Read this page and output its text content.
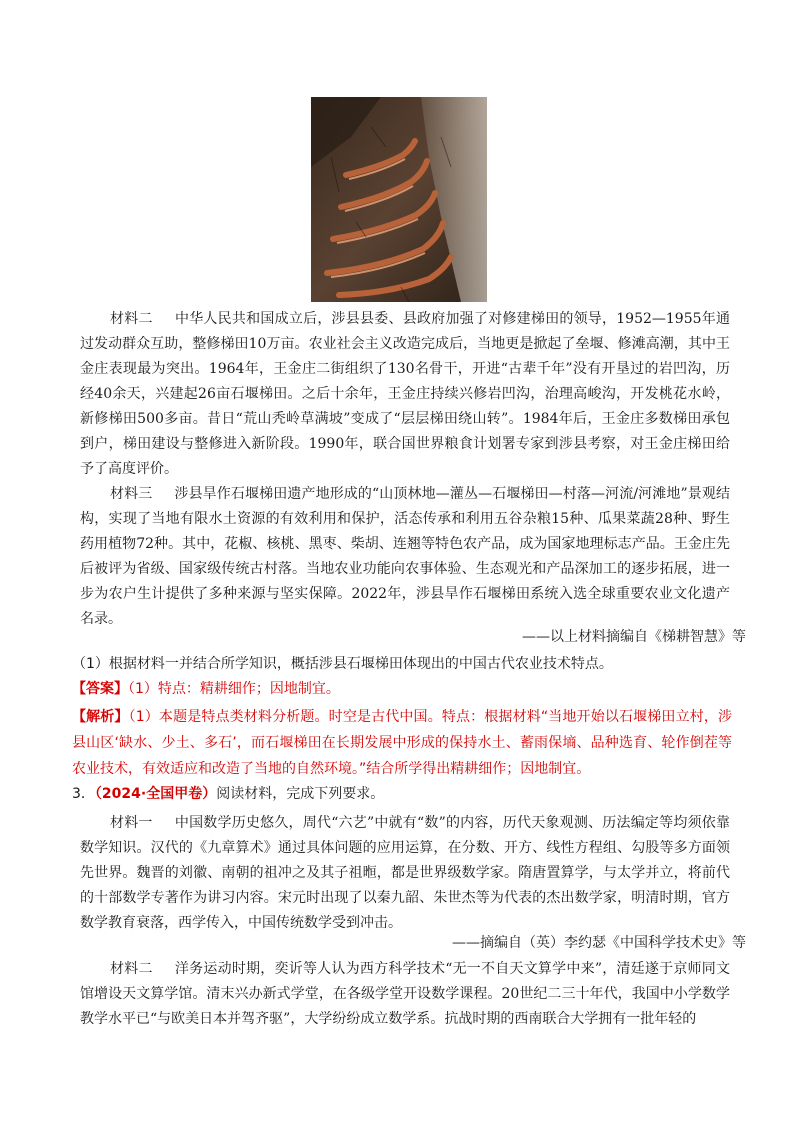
材料二 中华人民共和国成立后，涉县县委、县政府加强了对修建梯田的领导，1952—1955年通过发动群众互助，整修梯田10万亩。农业社会主义改造完成后，当地更是掀起了垒堰、修滩高潮，其中王金庄表现最为突出。1964年，王金庄二街组织了130名骨干，开进“古辈千年”没有开垦过的岩凹沟，历经40余天，兴建起26亩石堰梯田。之后十余年，王金庄持续兴修岩凹沟，治理高峻沟，开发桃花水岭，新修梯田500多亩。昔日“荒山秃岭草满坡”变成了“层层梯田绕山转”。1984年后，王金庄多数梯田承包到户，梯田建设与整修进入新阶段。1990年，联合国世界粮食计划署专家到涉县考察，对王金庄梯田给予了高度评价。

材料三 涉县旱作石堰梯田遗产地形成的“山顶林地—灌丛—石堰梯田—村落—河流/河滩地”景观结构，实现了当地有限水土资源的有效利用和保护，活态传承和利用五谷杂粮15种、瓜果菜蔬28种、野生药用植物72种。其中，花椒、核桃、黑枣、柴胡、连翘等特色农产品，成为国家地理标志产品。王金庄先后被评为省级、国家级传统古村落。当地农业功能向农事体验、生态观光和产品深加工的逐步拓展，进一步为农户生计提供了多种来源与坚实保障。2022年，涉县旱作石堰梯田系统入选全球重要农业文化遗产名录。

——以上材料摘编自《梯耕智慧》等

（1）根据材料一并结合所学知识，概括涉县石堰梯田体现出的中国古代农业技术特点。

【答案】（1）特点：精耕细作；因地制宜。

【解析】（1）本题是特点类材料分析题。时空是古代中国。特点：根据材料“当地开始以石堰梯田立村，涉县山区‘缺水、少土、多石’，而石堰梯田在长期发展中形成的保持水土、蓄雨保墒、品种选育、轮作倒茬等农业技术，有效适应和改造了当地的自然环境。”结合所学得出精耕细作；因地制宜。

3．（2024·全国甲卷）阅读材料，完成下列要求。

材料一 中国数学历史悠久，周代“六艺”中就有“数”的内容，历代天象观测、历法编定等均须依靠数学知识。汉代的《九章算术》通过具体问题的应用运算，在分数、开方、线性方程组、勾股等多方面领先世界。魏晋的刘徽、南朝的祖冲之及其子祖暅，都是世界级数学家。隋唐置算学，与太学并立，将前代的十部数学专著作为讲习内容。宋元时出现了以秦九韶、朱世杰等为代表的杰出数学家，明清时期，官方数学教育衰落，西学传入，中国传统数学受到冲击。

——摘编自（英）李约瑟《中国科学技术史》等

材料二 洋务运动时期，奕䜣等人认为西方科学技术“无一不自天文算学中来”，清廷遂于京师同文馆增设天文算学馆。清末兴办新式学堂，在各级学堂开设数学课程。20世纪二三十年代，我国中小学数学教学水平已“与欧美日本并驾齐驱”，大学纷纷成立数学系。抗战时期的西南联合大学拥有一批年轻的
